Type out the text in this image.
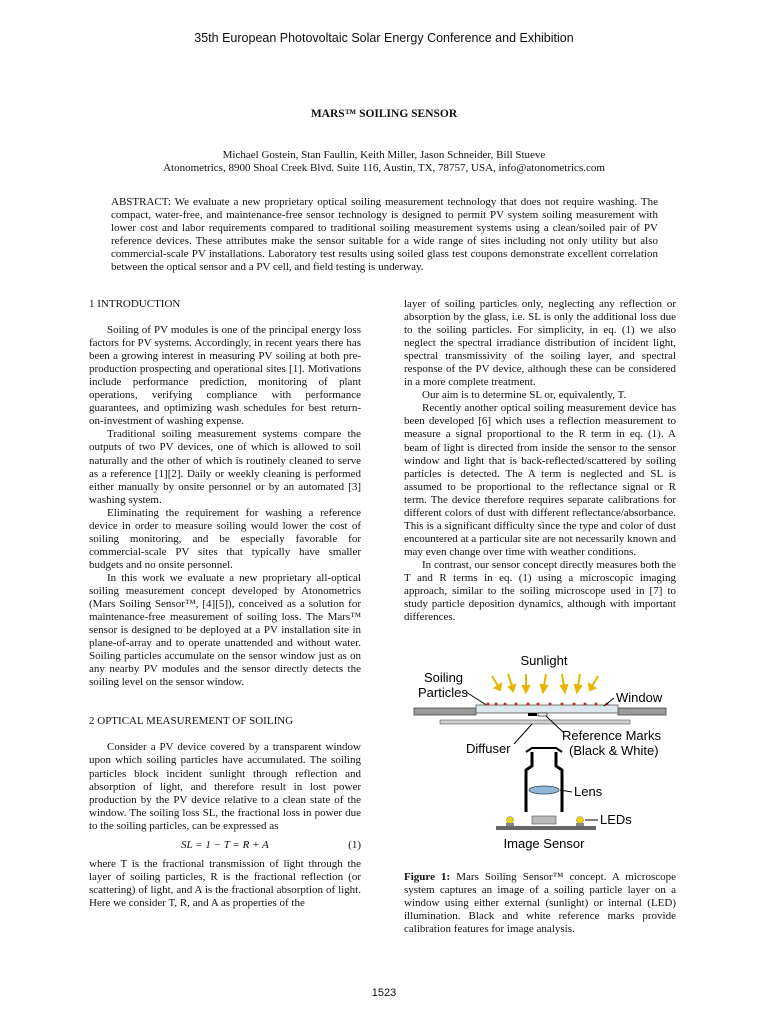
35th European Photovoltaic Solar Energy Conference and Exhibition
MARS™ SOILING SENSOR
Michael Gostein, Stan Faullin, Keith Miller, Jason Schneider, Bill Stueve
Atonometrics, 8900 Shoal Creek Blvd. Suite 116, Austin, TX, 78757, USA, info@atonometrics.com
ABSTRACT: We evaluate a new proprietary optical soiling measurement technology that does not require washing. The compact, water-free, and maintenance-free sensor technology is designed to permit PV system soiling measurement with lower cost and labor requirements compared to traditional soiling measurement systems using a clean/soiled pair of PV reference devices. These attributes make the sensor suitable for a wide range of sites including not only utility but also commercial-scale PV installations. Laboratory test results using soiled glass test coupons demonstrate excellent correlation between the optical sensor and a PV cell, and field testing is underway.
1 INTRODUCTION

Soiling of PV modules is one of the principal energy loss factors for PV systems. Accordingly, in recent years there has been a growing interest in measuring PV soiling at both pre-production prospecting and operational sites [1]. Motivations include performance prediction, monitoring of plant operations, verifying compliance with performance guarantees, and optimizing wash schedules for best return-on-investment of washing expense.

Traditional soiling measurement systems compare the outputs of two PV devices, one of which is allowed to soil naturally and the other of which is routinely cleaned to serve as a reference [1][2]. Daily or weekly cleaning is performed either manually by onsite personnel or by an automated [3] washing system.

Eliminating the requirement for washing a reference device in order to measure soiling would lower the cost of soiling monitoring, and be especially favorable for commercial-scale PV sites that typically have smaller budgets and no onsite personnel.

In this work we evaluate a new proprietary all-optical soiling measurement concept developed by Atonometrics (Mars Soiling Sensor™, [4][5]), conceived as a solution for maintenance-free measurement of soiling loss. The Mars™ sensor is designed to be deployed at a PV installation site in plane-of-array and to operate unattended and without water. Soiling particles accumulate on the sensor window just as on any nearby PV modules and the sensor directly detects the soiling level on the sensor window.

2 OPTICAL MEASUREMENT OF SOILING

Consider a PV device covered by a transparent window upon which soiling particles have accumulated. The soiling particles block incident sunlight through reflection and absorption of light, and therefore result in lost power production by the PV device relative to a clean state of the window. The soiling loss SL, the fractional loss in power due to the soiling particles, can be expressed as

SL = 1 − T = R + A	(1)

where T is the fractional transmission of light through the layer of soiling particles, R is the fractional reflection (or scattering) of light, and A is the fractional absorption of light. Here we consider T, R, and A as properties of the

layer of soiling particles only, neglecting any reflection or absorption by the glass, i.e. SL is only the additional loss due to the soiling particles. For simplicity, in eq. (1) we also neglect the spectral irradiance distribution of incident light, spectral transmissivity of the soiling layer, and spectral response of the PV device, although these can be considered in a more complete treatment.

Our aim is to determine SL or, equivalently, T.

Recently another optical soiling measurement device has been developed [6] which uses a reflection measurement to measure a signal proportional to the R term in eq. (1). A beam of light is directed from inside the sensor to the sensor window and light that is back-reflected/scattered by soiling particles is detected. The A term is neglected and SL is assumed to be proportional to the reflectance signal or R term. The device therefore requires separate calibrations for different colors of dust with different reflectance/absorbance. This is a significant difficulty since the type and color of dust encountered at a particular site are not necessarily known and may even change over time with weather conditions.

In contrast, our sensor concept directly measures both the T and R terms in eq. (1) using a microscopic imaging approach, similar to the soiling microscope used in [7] to study particle deposition dynamics, although with important differences.

Sunlight
Soiling
Particles	Window
Diffuser
Reference Marks
(Black & White)
Lens
LEDs
Image Sensor
Figure 1: Mars Soiling Sensor™ concept. A microscope system captures an image of a soiling particle layer on a window using either external (sunlight) or internal (LED) illumination. Black and white reference marks provide calibration features for image analysis.
1523
